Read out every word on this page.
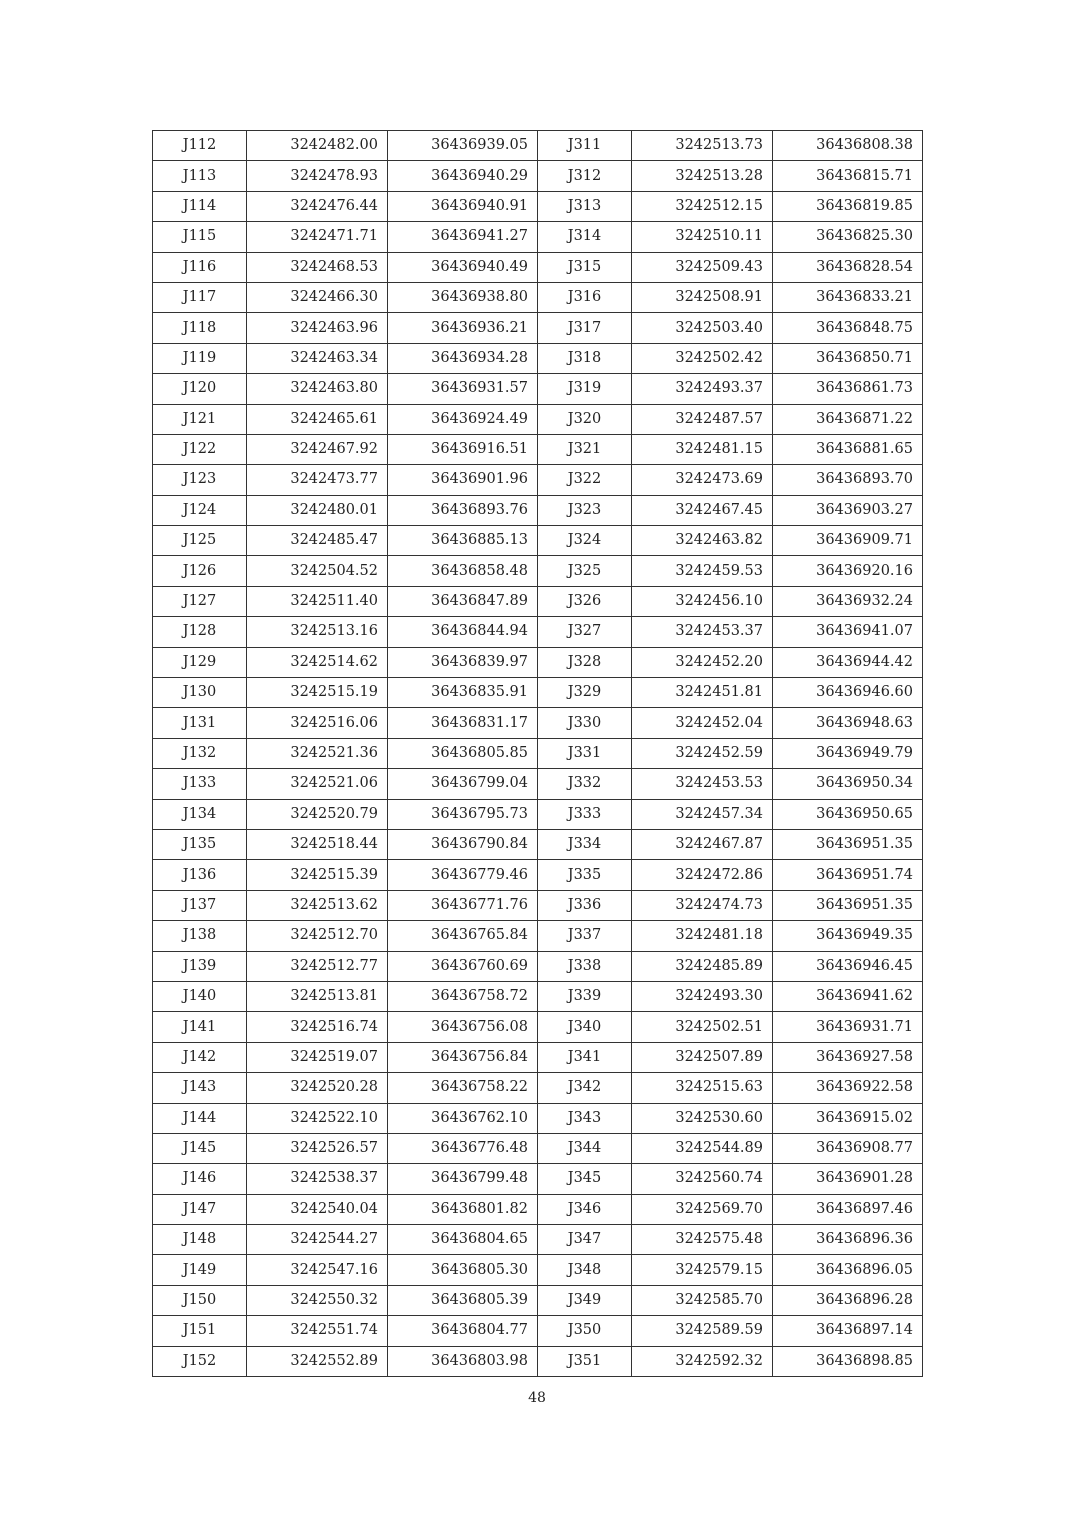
J112	3242482.00	36436939.05	J311	3242513.73	36436808.38
J113	3242478.93	36436940.29	J312	3242513.28	36436815.71
J114	3242476.44	36436940.91	J313	3242512.15	36436819.85
J115	3242471.71	36436941.27	J314	3242510.11	36436825.30
J116	3242468.53	36436940.49	J315	3242509.43	36436828.54
J117	3242466.30	36436938.80	J316	3242508.91	36436833.21
J118	3242463.96	36436936.21	J317	3242503.40	36436848.75
J119	3242463.34	36436934.28	J318	3242502.42	36436850.71
J120	3242463.80	36436931.57	J319	3242493.37	36436861.73
J121	3242465.61	36436924.49	J320	3242487.57	36436871.22
J122	3242467.92	36436916.51	J321	3242481.15	36436881.65
J123	3242473.77	36436901.96	J322	3242473.69	36436893.70
J124	3242480.01	36436893.76	J323	3242467.45	36436903.27
J125	3242485.47	36436885.13	J324	3242463.82	36436909.71
J126	3242504.52	36436858.48	J325	3242459.53	36436920.16
J127	3242511.40	36436847.89	J326	3242456.10	36436932.24
J128	3242513.16	36436844.94	J327	3242453.37	36436941.07
J129	3242514.62	36436839.97	J328	3242452.20	36436944.42
J130	3242515.19	36436835.91	J329	3242451.81	36436946.60
J131	3242516.06	36436831.17	J330	3242452.04	36436948.63
J132	3242521.36	36436805.85	J331	3242452.59	36436949.79
J133	3242521.06	36436799.04	J332	3242453.53	36436950.34
J134	3242520.79	36436795.73	J333	3242457.34	36436950.65
J135	3242518.44	36436790.84	J334	3242467.87	36436951.35
J136	3242515.39	36436779.46	J335	3242472.86	36436951.74
J137	3242513.62	36436771.76	J336	3242474.73	36436951.35
J138	3242512.70	36436765.84	J337	3242481.18	36436949.35
J139	3242512.77	36436760.69	J338	3242485.89	36436946.45
J140	3242513.81	36436758.72	J339	3242493.30	36436941.62
J141	3242516.74	36436756.08	J340	3242502.51	36436931.71
J142	3242519.07	36436756.84	J341	3242507.89	36436927.58
J143	3242520.28	36436758.22	J342	3242515.63	36436922.58
J144	3242522.10	36436762.10	J343	3242530.60	36436915.02
J145	3242526.57	36436776.48	J344	3242544.89	36436908.77
J146	3242538.37	36436799.48	J345	3242560.74	36436901.28
J147	3242540.04	36436801.82	J346	3242569.70	36436897.46
J148	3242544.27	36436804.65	J347	3242575.48	36436896.36
J149	3242547.16	36436805.30	J348	3242579.15	36436896.05
J150	3242550.32	36436805.39	J349	3242585.70	36436896.28
J151	3242551.74	36436804.77	J350	3242589.59	36436897.14
J152	3242552.89	36436803.98	J351	3242592.32	36436898.85
48
